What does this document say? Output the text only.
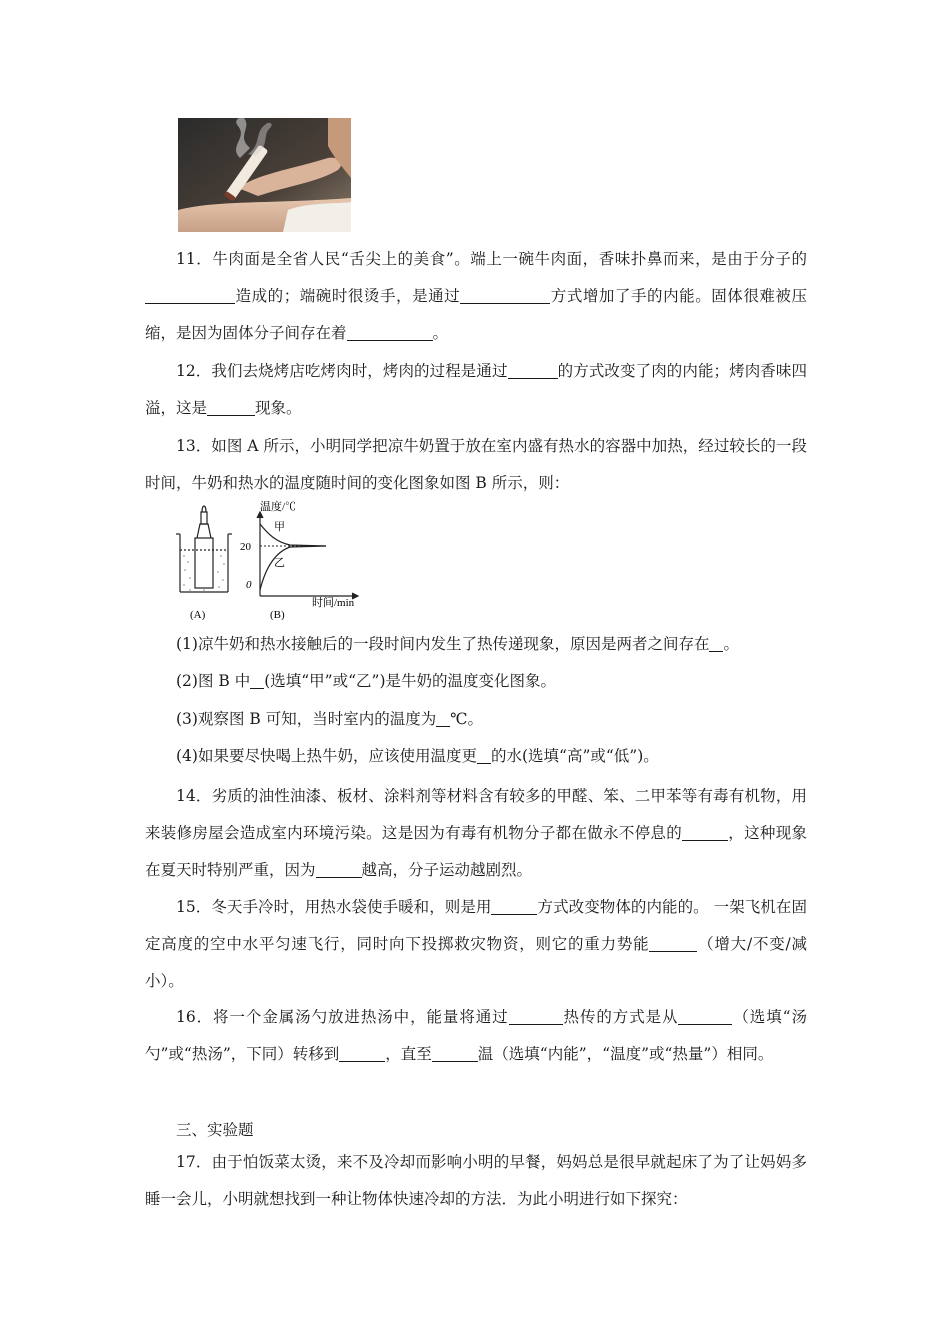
11．牛肉面是全省人民“舌尖上的美食”。端上一碗牛肉面，香味扑鼻而来，是由于分子的造成的；端碗时很烫手，是通过	方式增加了手的内能。固体很难被压缩，是因为固体分子间存在着	。

12．我们去烧烤店吃烤肉时，烤肉的过程是通过	的方式改变了肉的内能；烤肉香味四溢，这是	现象。

13．如图 A 所示，小明同学把凉牛奶置于放在室内盛有热水的容器中加热，经过较长的一段时间，牛奶和热水的温度随时间的变化图象如图 B 所示，则：

(A)
温度/℃
甲
乙
20
0
时间/min
(B)
(1)凉牛奶和热水接触后的一段时间内发生了热传递现象，原因是两者之间存在 。
(2)图 B 中 (选填“甲”或“乙”)是牛奶的温度变化图象。
(3)观察图 B 可知，当时室内的温度为 ℃。
(4)如果要尽快喝上热牛奶，应该使用温度更 的水(选填“高”或“低”)。

14．劣质的油性油漆、板材、涂料剂等材料含有较多的甲醛、笨、二甲苯等有毒有机物，用来装修房屋会造成室内环境污染。这是因为有毒有机物分子都在做永不停息的	，这种现象在夏天时特别严重，因为	越高，分子运动越剧烈。

15．冬天手冷时，用热水袋使手暖和，则是用	方式改变物体的内能的。 一架飞机在固定高度的空中水平匀速飞行，同时向下投掷救灾物资，则它的重力势能	（增大/不变/减小）。

16．将一个金属汤勺放进热汤中，能量将通过	热传的方式是从	（选填“汤勺”或“热汤”，下同）转移到	，直至	温（选填“内能”，“温度”或“热量”）相同。

三、实验题

17．由于怕饭菜太烫，来不及冷却而影响小明的早餐，妈妈总是很早就起床了为了让妈妈多睡一会儿，小明就想找到一种让物体快速冷却的方法．为此小明进行如下探究：
